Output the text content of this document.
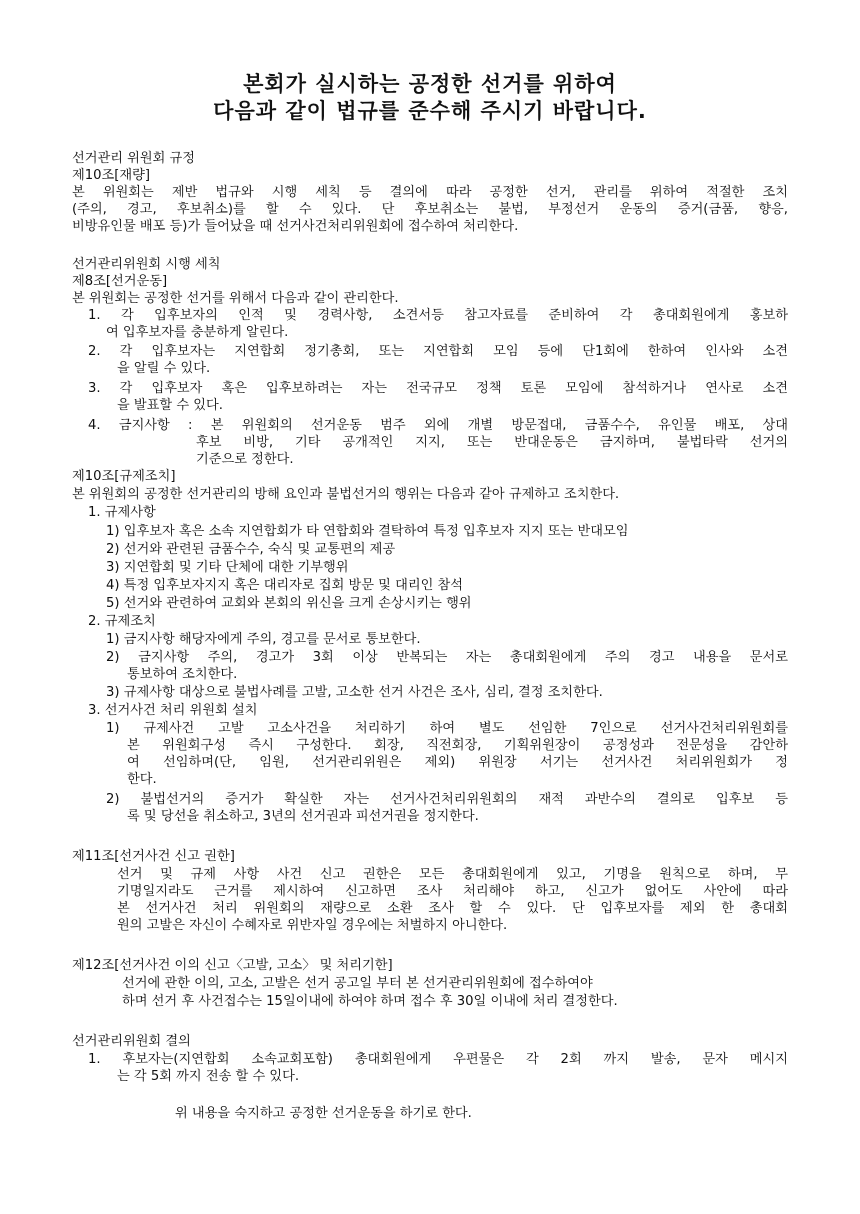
본회가 실시하는 공정한 선거를 위하여
다음과 같이 법규를 준수해 주시기 바랍니다.
선거관리 위원회 규정
제10조[재량]
본 위원회는 제반 법규와 시행 세칙 등 결의에 따라 공정한 선거, 관리를 위하여 적절한 조치
(주의, 경고, 후보취소)를 할 수 있다. 단 후보취소는 불법, 부정선거 운동의 증거(금품, 향응,
비방유인물 배포 등)가 들어났을 때 선거사건처리위원회에 접수하여 처리한다.
선거관리위원회 시행 세칙
제8조[선거운동]
본 위원회는 공정한 선거를 위해서 다음과 같이 관리한다.
1. 각 입후보자의 인적 및 경력사항, 소견서등 참고자료를 준비하여 각 총대회원에게 홍보하
여 입후보자를 충분하게 알린다.
2. 각 입후보자는 지연합회 정기총회, 또는 지연합회 모임 등에 단1회에 한하여 인사와 소견
을 알릴 수 있다.
3. 각 입후보자 혹은 입후보하려는 자는 전국규모 정책 토론 모임에 참석하거나 연사로 소견
을 발표할 수 있다.
4. 금지사항 : 본 위원회의 선거운동 범주 외에 개별 방문접대, 금품수수, 유인물 배포, 상대
후보 비방, 기타 공개적인 지지, 또는 반대운동은 금지하며, 불법타락 선거의
기준으로 정한다.
제10조[규제조치]
본 위원회의 공정한 선거관리의 방해 요인과 불법선거의 행위는 다음과 같아 규제하고 조치한다.
1. 규제사항
1) 입후보자 혹은 소속 지연합회가 타 연합회와 결탁하여 특정 입후보자 지지 또는 반대모임
2) 선거와 관련된 금품수수, 숙식 및 교통편의 제공
3) 지연합회 및 기타 단체에 대한 기부행위
4) 특정 입후보자지지 혹은 대리자로 집회 방문 및 대리인 참석
5) 선거와 관련하여 교회와 본회의 위신을 크게 손상시키는 행위
2. 규제조치
1) 금지사항 해당자에게 주의, 경고를 문서로 통보한다.
2) 금지사항 주의, 경고가 3회 이상 반복되는 자는 총대회원에게 주의 경고 내용을 문서로
통보하여 조치한다.
3) 규제사항 대상으로 불법사례를 고발, 고소한 선거 사건은 조사, 심리, 결정 조치한다.
3. 선거사건 처리 위원회 설치
1) 규제사건 고발 고소사건을 처리하기 하여 별도 선임한 7인으로 선거사건처리위원회를
본 위원회구성 즉시 구성한다. 회장, 직전회장, 기획위원장이 공정성과 전문성을 감안하
여 선임하며(단, 임원, 선거관리위원은 제외) 위원장 서기는 선거사건 처리위원회가 정
한다.
2) 불법선거의 증거가 확실한 자는 선거사건처리위원회의 재적 과반수의 결의로 입후보 등
록 및 당선을 취소하고, 3년의 선거권과 피선거권을 정지한다.
제11조[선거사건 신고 권한]
선거 및 규제 사항 사건 신고 권한은 모든 총대회원에게 있고, 기명을 원칙으로 하며, 무
기명일지라도 근거를 제시하여 신고하면 조사 처리해야 하고, 신고가 없어도 사안에 따라
본 선거사건 처리 위원회의 재량으로 소환 조사 할 수 있다. 단 입후보자를 제외 한 총대회
원의 고발은 자신이 수혜자로 위반자일 경우에는 처벌하지 아니한다.
제12조[선거사건 이의 신고〈고발, 고소〉 및 처리기한]
선거에 관한 이의, 고소, 고발은 선거 공고일 부터 본 선거관리위원회에 접수하여야
하며 선거 후 사건접수는 15일이내에 하여야 하며 접수 후 30일 이내에 처리 결정한다.
선거관리위원회 결의
1. 후보자는(지연합회 소속교회포함) 총대회원에게 우편물은 각 2회 까지 발송, 문자 메시지
는 각 5회 까지 전송 할 수 있다.
위 내용을 숙지하고 공정한 선거운동을 하기로 한다.
